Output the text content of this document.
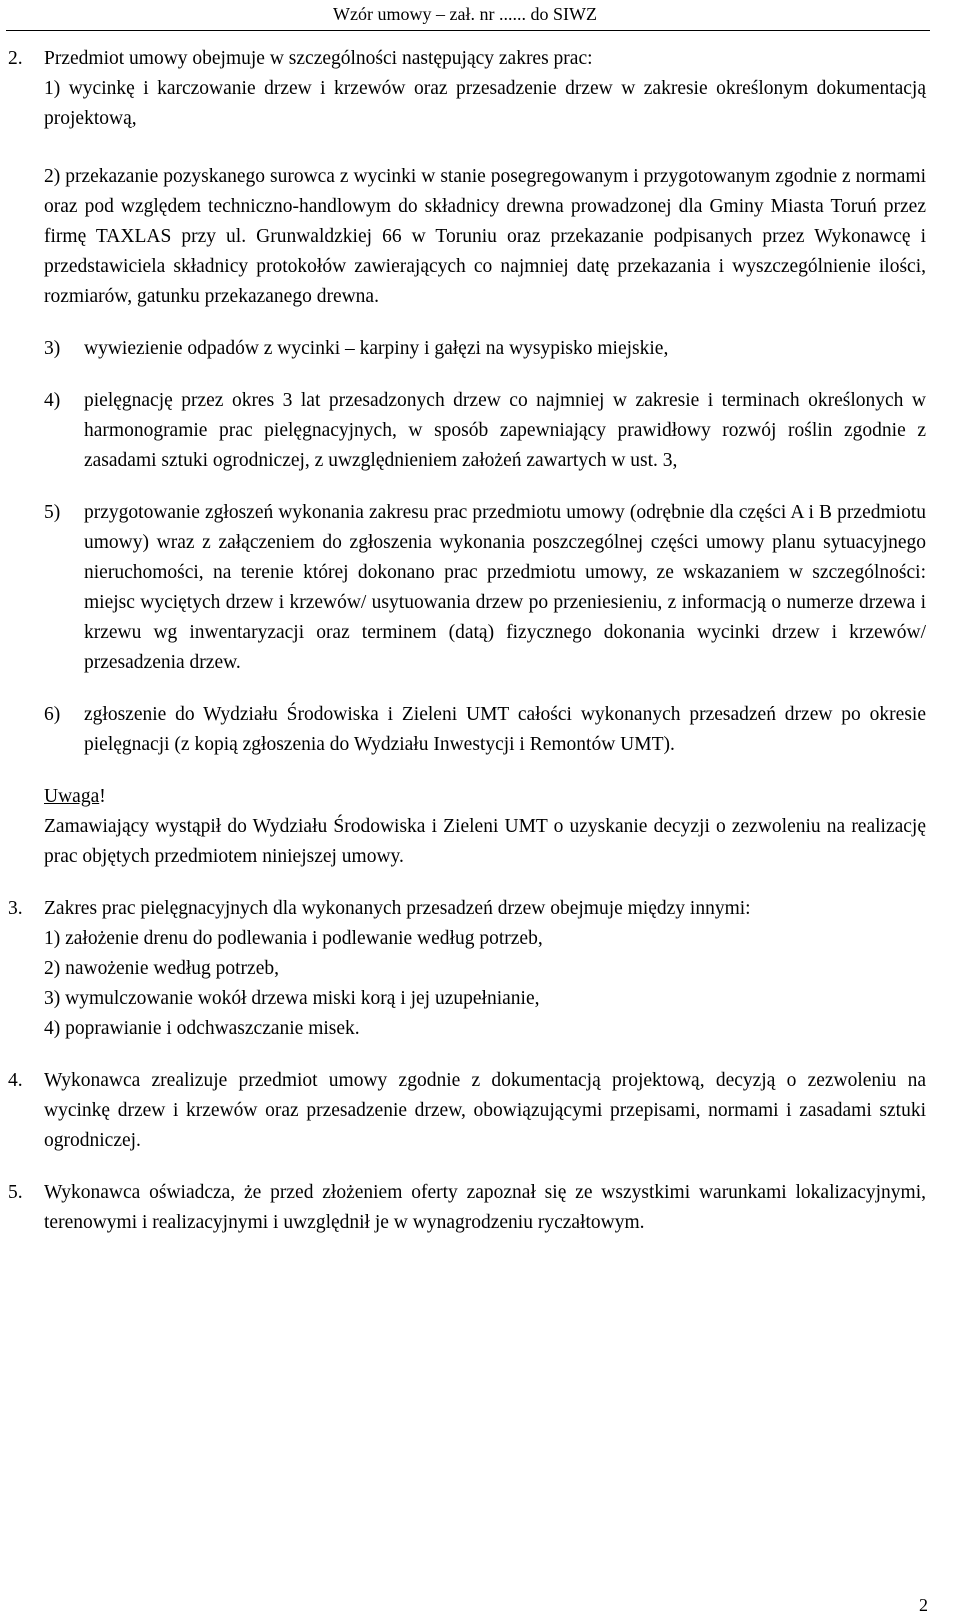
Wzór umowy – zał. nr ...... do SIWZ
2.	Przedmiot umowy obejmuje w szczególności następujący zakres prac:

1) wycinkę i karczowanie drzew i krzewów oraz przesadzenie drzew w zakresie określonym dokumentacją projektową,

2) przekazanie pozyskanego surowca z wycinki w stanie posegregowanym i przygotowanym zgodnie z normami oraz pod względem techniczno-handlowym do składnicy drewna prowadzonej dla Gminy Miasta Toruń przez firmę TAXLAS przy ul. Grunwaldzkiej 66 w Toruniu oraz przekazanie podpisanych przez Wykonawcę i przedstawiciela składnicy protokołów zawierających co najmniej datę przekazania i wyszczególnienie ilości, rozmiarów, gatunku przekazanego drewna.

3)	wywiezienie odpadów z wycinki – karpiny i gałęzi na wysypisko miejskie,
4)	pielęgnację przez okres 3 lat przesadzonych drzew co najmniej w zakresie i terminach określonych w harmonogramie prac pielęgnacyjnych, w sposób zapewniający prawidłowy rozwój roślin zgodnie z zasadami sztuki ogrodniczej, z uwzględnieniem założeń zawartych w ust. 3,
5)	przygotowanie zgłoszeń wykonania zakresu prac przedmiotu umowy (odrębnie dla części A i B przedmiotu umowy) wraz z załączeniem do zgłoszenia wykonania poszczególnej części umowy planu sytuacyjnego nieruchomości, na terenie której dokonano prac przedmiotu umowy, ze wskazaniem w szczególności: miejsc wyciętych drzew i krzewów/ usytuowania drzew po przeniesieniu, z informacją o numerze drzewa i krzewu wg inwentaryzacji oraz terminem (datą) fizycznego dokonania wycinki drzew i krzewów/ przesadzenia drzew.
6)	zgłoszenie do Wydziału Środowiska i Zieleni UMT całości wykonanych przesadzeń drzew po okresie pielęgnacji (z kopią zgłoszenia do Wydziału Inwestycji i Remontów UMT).

Uwaga!

Zamawiający wystąpił do Wydziału Środowiska i Zieleni UMT o uzyskanie decyzji o zezwoleniu na realizację prac objętych przedmiotem niniejszej umowy.

3.	Zakres prac pielęgnacyjnych dla wykonanych przesadzeń drzew obejmuje między innymi:

1) założenie drenu do podlewania i podlewanie według potrzeb,

2) nawożenie według potrzeb,

3) wymulczowanie wokół drzewa miski korą i jej uzupełnianie,

4) poprawianie i odchwaszczanie misek.

4.	Wykonawca zrealizuje przedmiot umowy zgodnie z dokumentacją projektową, decyzją o zezwoleniu na wycinkę drzew i krzewów oraz przesadzenie drzew, obowiązującymi przepisami, normami i zasadami sztuki ogrodniczej.

5.	Wykonawca oświadcza, że przed złożeniem oferty zapoznał się ze wszystkimi warunkami lokalizacyjnymi, terenowymi i realizacyjnymi i uwzględnił je w wynagrodzeniu ryczałtowym.

2
